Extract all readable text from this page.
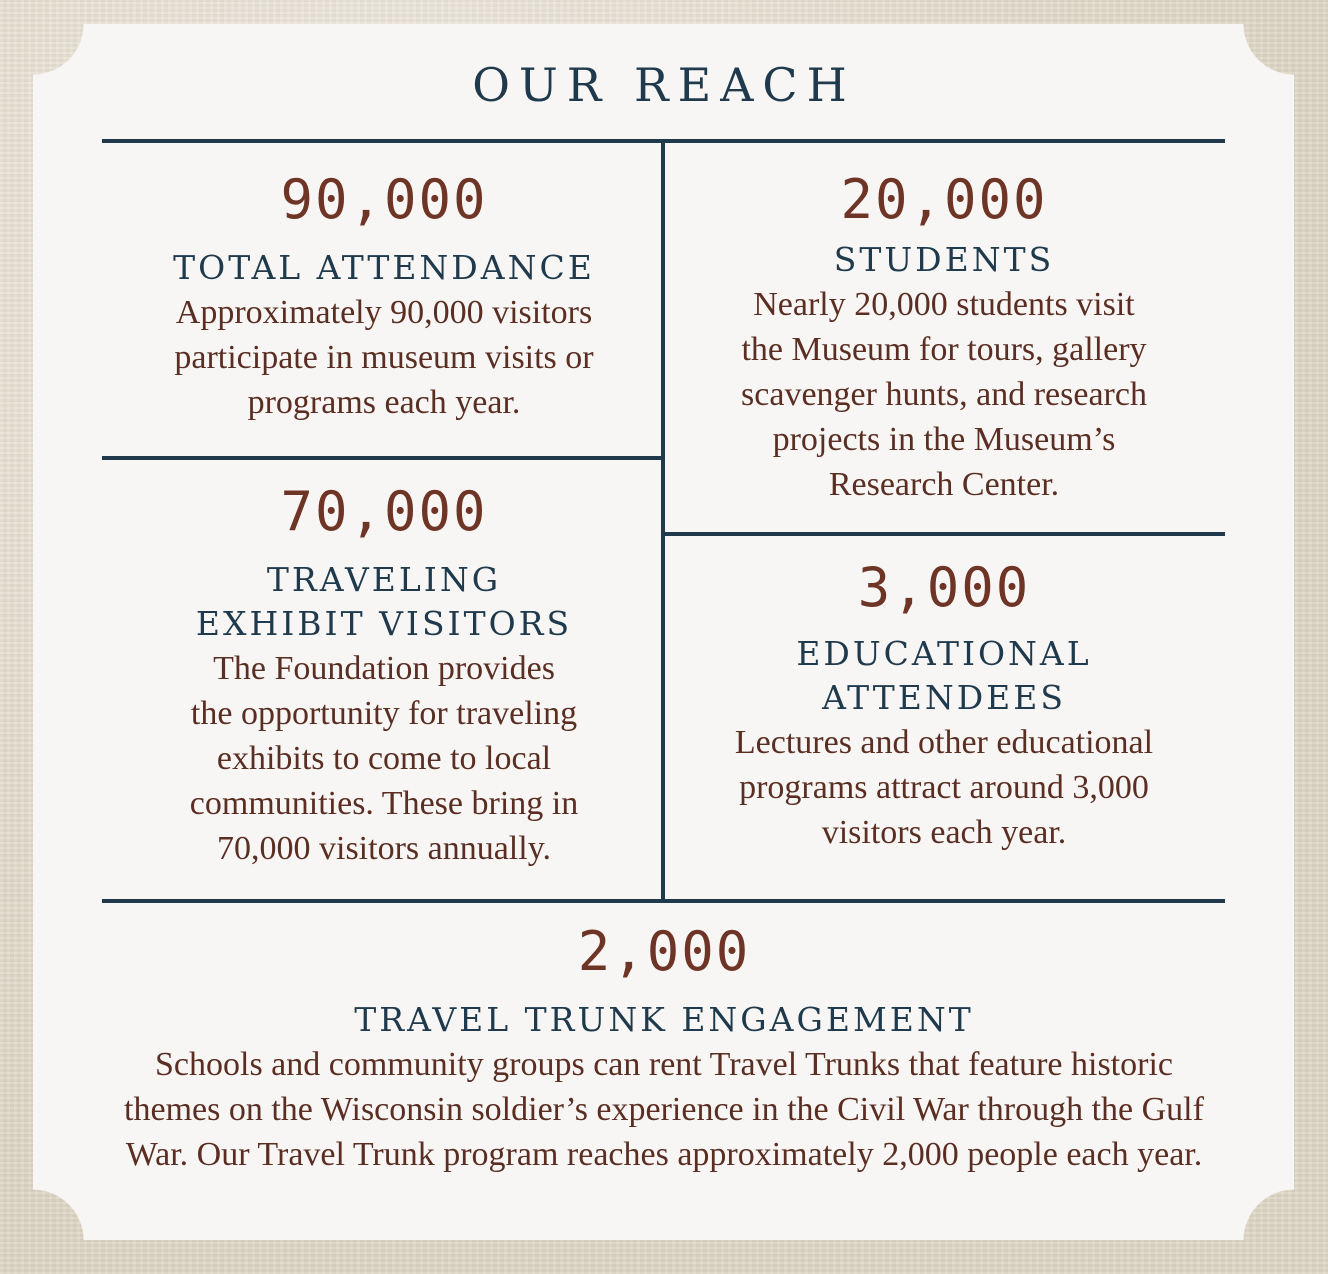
OUR REACH
90,000
TOTAL ATTENDANCE
Approximately 90,000 visitors
participate in museum visits or
programs each year.
20,000
STUDENTS
Nearly 20,000 students visit
the Museum for tours, gallery
scavenger hunts, and research
projects in the Museum’s
Research Center.
70,000
TRAVELING
EXHIBIT VISITORS
The Foundation provides
the opportunity for traveling
exhibits to come to local
communities. These bring in
70,000 visitors annually.
3,000
EDUCATIONAL
ATTENDEES
Lectures and other educational
programs attract around 3,000
visitors each year.
2,000
TRAVEL TRUNK ENGAGEMENT
Schools and community groups can rent Travel Trunks that feature historic
themes on the Wisconsin soldier’s experience in the Civil War through the Gulf
War. Our Travel Trunk program reaches approximately 2,000 people each year.
